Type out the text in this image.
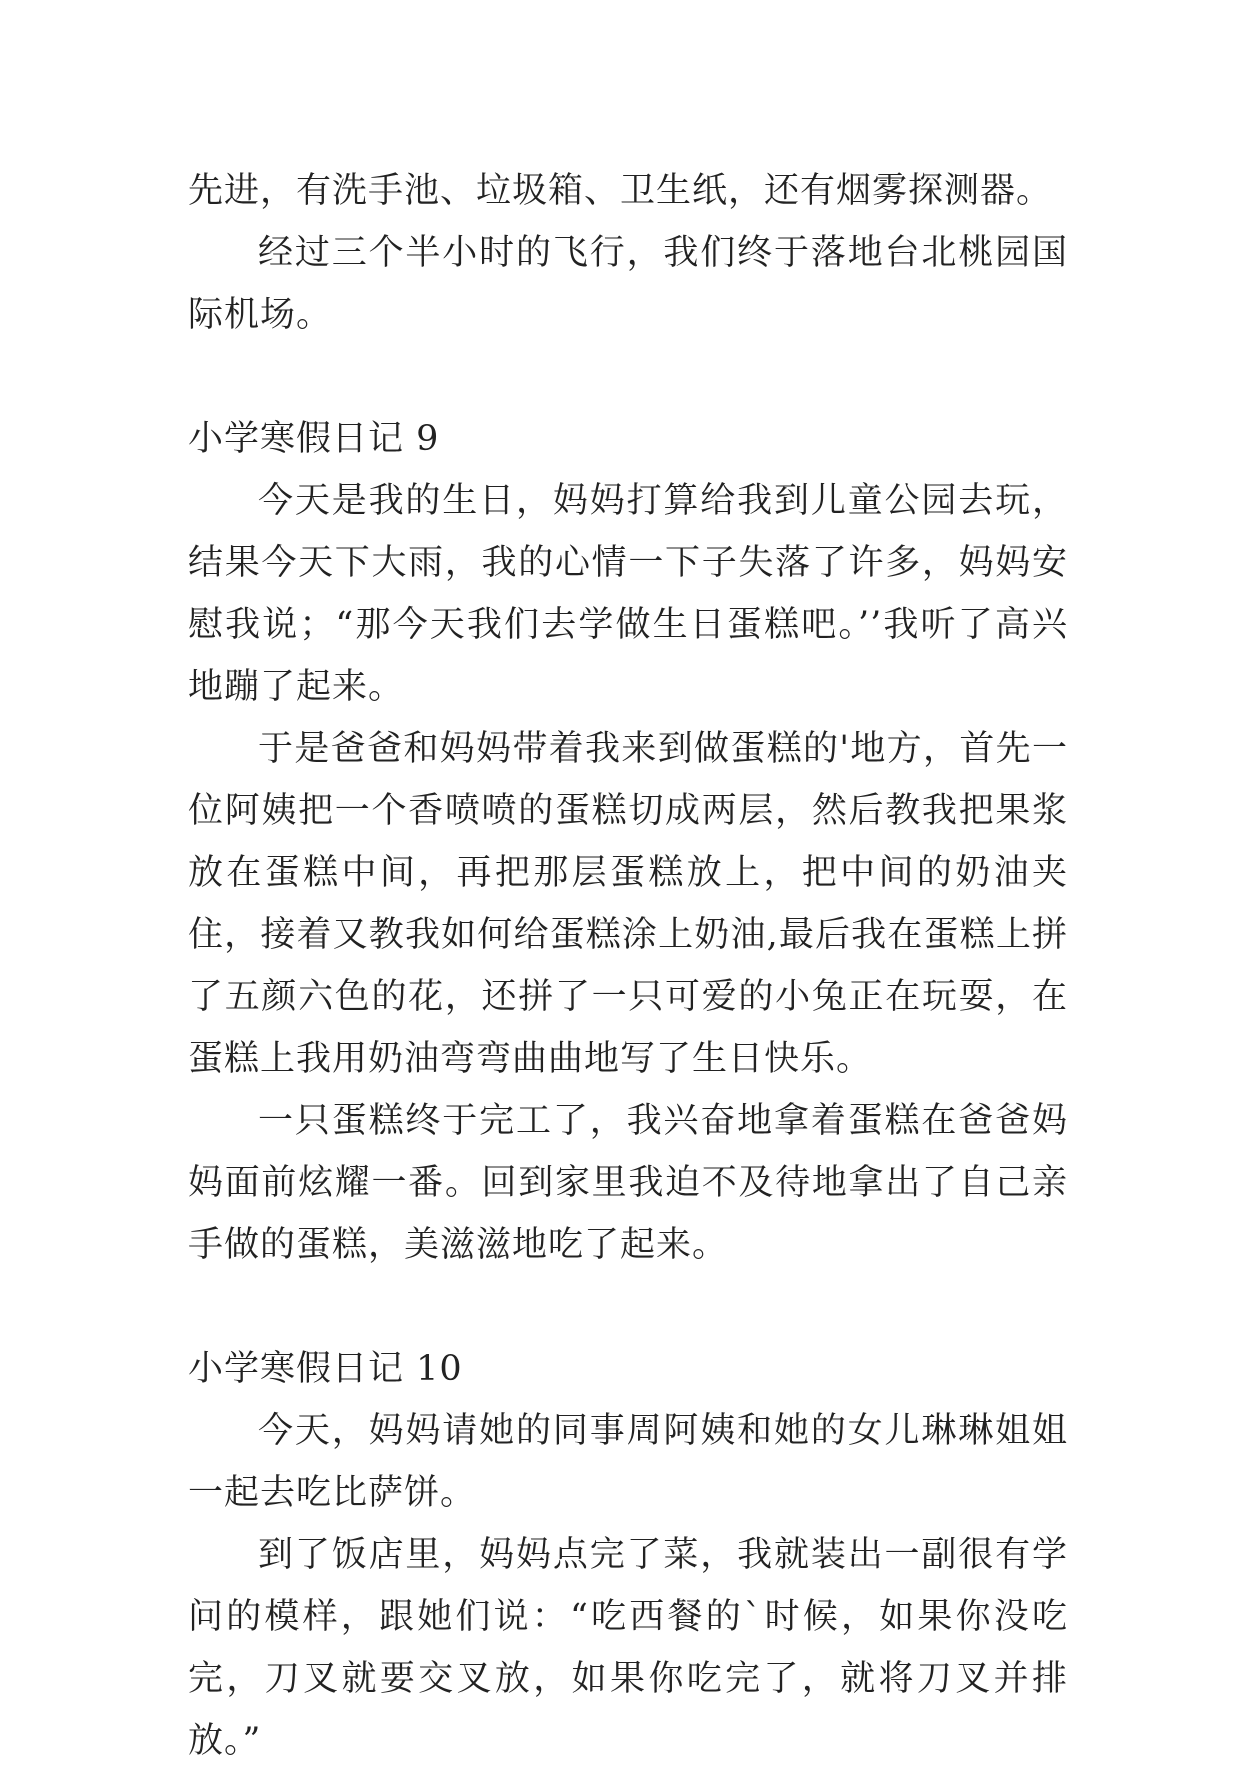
先进，有洗手池、垃圾箱、卫生纸，还有烟雾探测器。

经过三个半小时的飞行，我们终于落地台北桃园国际机场。

小学寒假日记 9

今天是我的生日，妈妈打算给我到儿童公园去玩，结果今天下大雨，我的心情一下子失落了许多，妈妈安慰我说；“那今天我们去学做生日蛋糕吧。’’我听了高兴地蹦了起来。

于是爸爸和妈妈带着我来到做蛋糕的'地方，首先一位阿姨把一个香喷喷的蛋糕切成两层，然后教我把果浆放在蛋糕中间，再把那层蛋糕放上，把中间的奶油夹住，接着又教我如何给蛋糕涂上奶油,最后我在蛋糕上拼了五颜六色的花，还拼了一只可爱的小兔正在玩耍，在蛋糕上我用奶油弯弯曲曲地写了生日快乐。

一只蛋糕终于完工了，我兴奋地拿着蛋糕在爸爸妈妈面前炫耀一番。回到家里我迫不及待地拿出了自己亲手做的蛋糕，美滋滋地吃了起来。

小学寒假日记 10

今天，妈妈请她的同事周阿姨和她的女儿琳琳姐姐一起去吃比萨饼。

到了饭店里，妈妈点完了菜，我就装出一副很有学问的模样，跟她们说：“吃西餐的`时候，如果你没吃完，刀叉就要交叉放，如果你吃完了，就将刀叉并排放。”
